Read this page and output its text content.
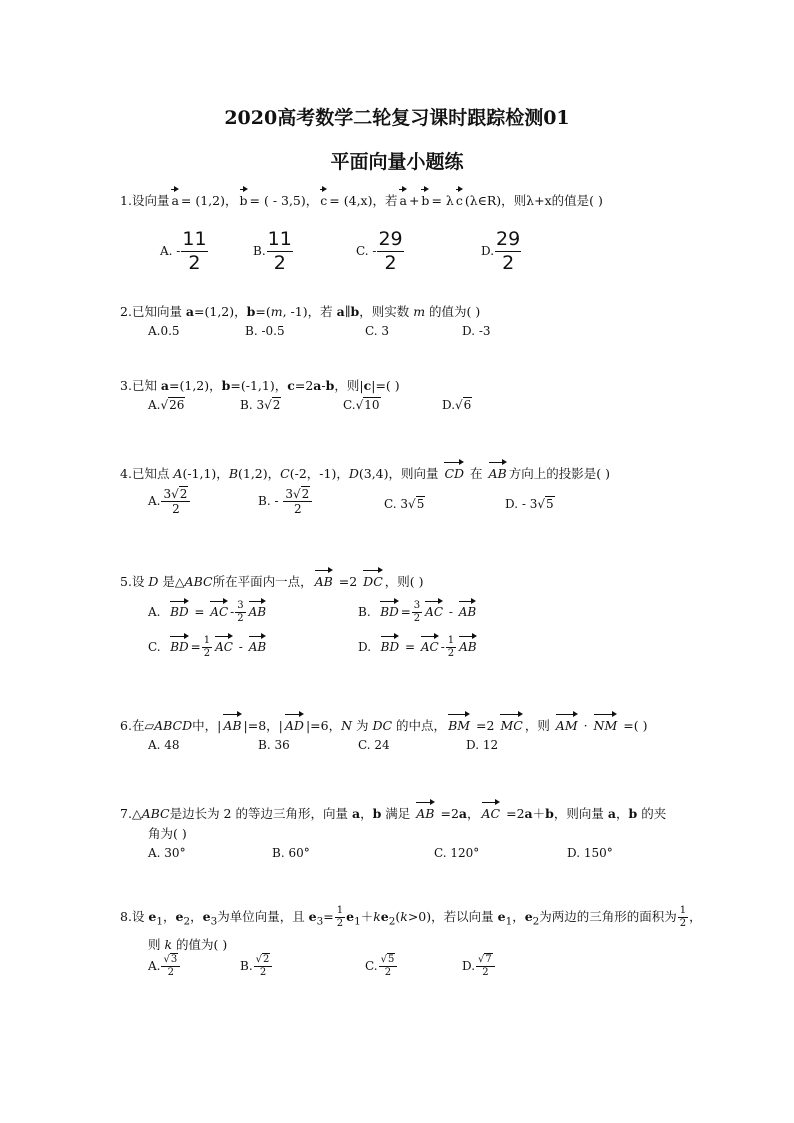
2020高考数学二轮复习课时跟踪检测01
平面向量小题练
1.设向量 a = (1,2)， b = ( - 3,5)， c = (4,x)，若 a + b = λ c (λ∈R)，则λ+x的值是( )
A. - $\frac{11}{2}$	B. $\frac{11}{2}$	C. - $\frac{29}{2}$	D. $\frac{29}{2}$
2.已知向量 a=(1,2)，b=(m, -1)，若 a∥b，则实数 m 的值为( )
A.0.5	B. -0.5	C. 3	D. -3
3.已知 a=(1,2)，b=(-1,1)，c=2a-b，则|c|=( )
A.√26	B. 3√2	C.√10	D.√6
4.已知点 A(-1,1)，B(1,2)，C(-2，-1)，D(3,4)，则向量 CD 在 AB 方向上的投影是( )
A. $\frac{3√2}{2}$	B. - $\frac{3√2}{2}$	C. 3√5	D. - 3√5
5.设 D 是△ABC所在平面内一点， AB =2 DC ，则( )
A. BD = AC - $\frac{3}{2}$ AB	B. BD = $\frac{3}{2}$ AC - AB
C. BD = $\frac{1}{2}$ AC - AB	D. BD = AC - $\frac{1}{2}$ AB
6.在▱ABCD中，| AB |=8，| AD |=6，N 为 DC 的中点， BM =2 MC ，则 AM · NM =( )
A. 48	B. 36	C. 24	D. 12
7.△ABC是边长为 2 的等边三角形，向量 a，b 满足 AB =2a， AC =2a＋b，则向量 a，b 的夹
角为( )
A. 30°	B. 60°	C. 120°	D. 150°
8.设 $e_1$，$e_2$，$e_3$为单位向量，且 $e_3= \frac{1}{2} e_1+ke_2(k>0)$，若以向量 $e_1$，$e_2$为两边的三角形的面积为 $\frac{1}{2}$ ，
则 k 的值为( )
A. $\frac{√3}{2}$	B. $\frac{√2}{2}$	C. $\frac{√5}{2}$	D. $\frac{√7}{2}$
